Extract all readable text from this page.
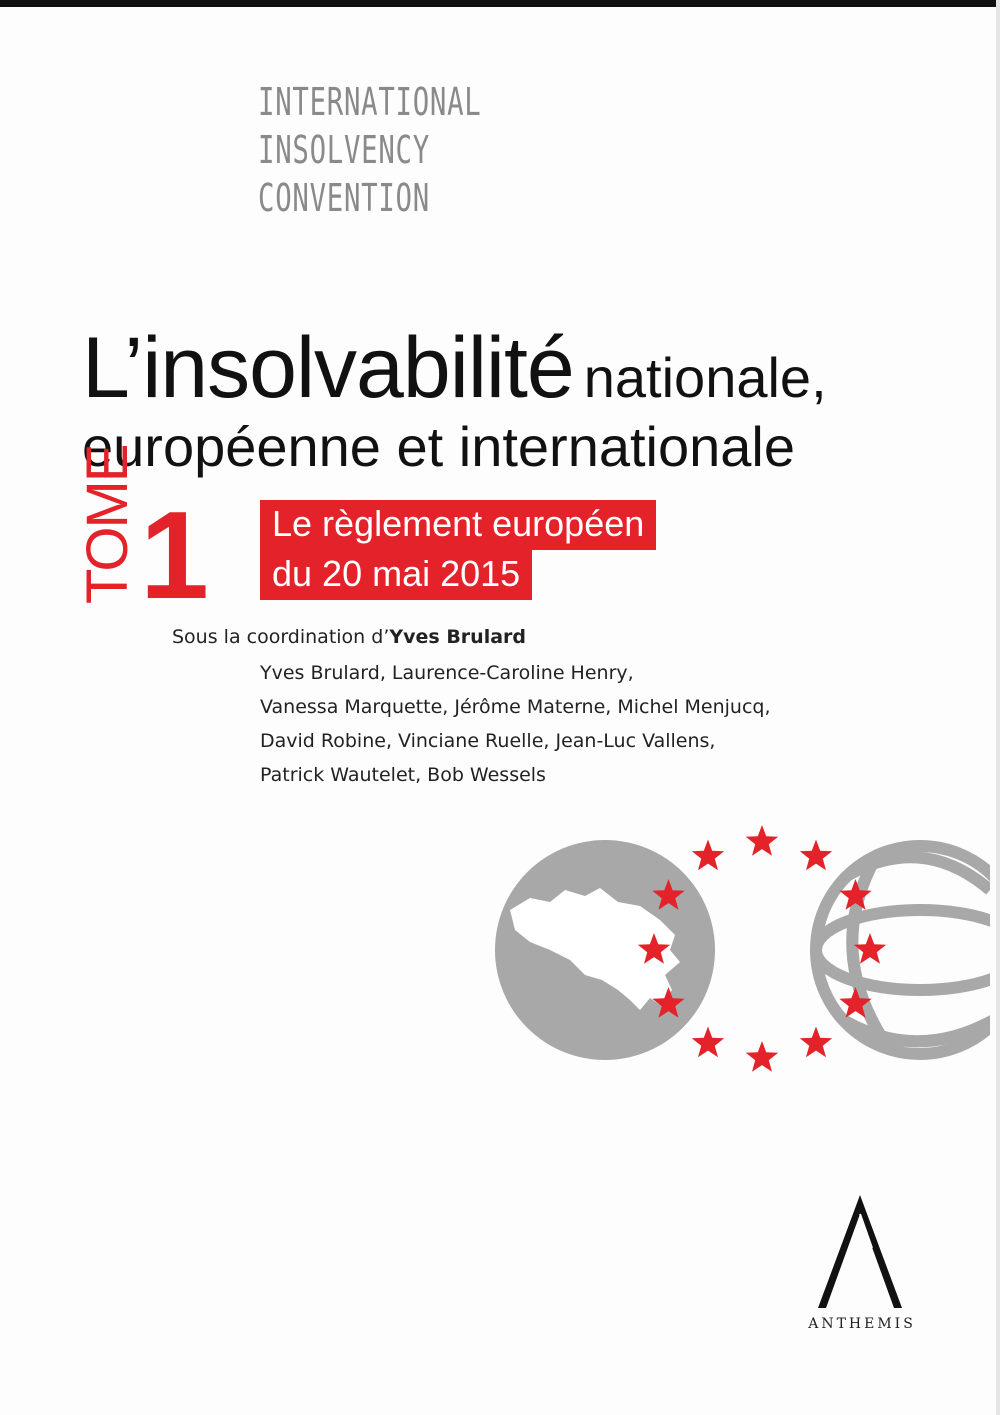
INTERNATIONAL
INSOLVENCY
CONVENTION
L’insolvabilité nationale,
européenne et internationale
TOME 1	Le règlement européen
du 20 mai 2015
Sous la coordination d’Yves Brulard
Yves Brulard, Laurence-Caroline Henry,
Vanessa Marquette, Jérôme Materne, Michel Menjucq,
David Robine, Vinciane Ruelle, Jean-Luc Vallens,
Patrick Wautelet, Bob Wessels
ANTHEMIS
